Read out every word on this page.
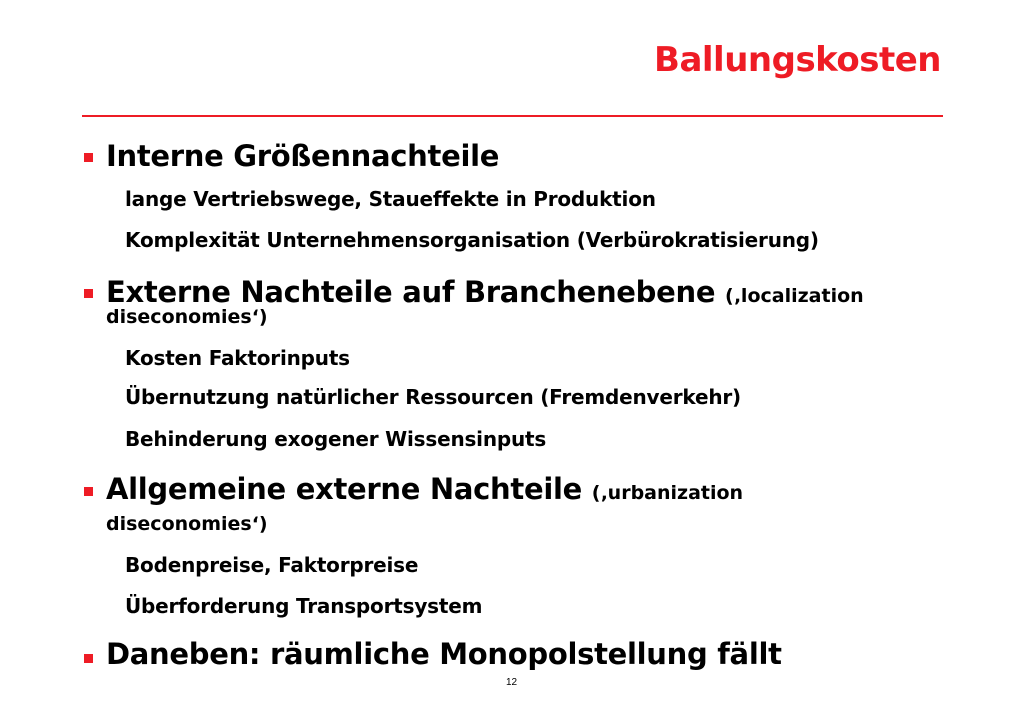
Ballungskosten
Interne Größennachteile
lange Vertriebswege, Staueffekte in Produktion
Komplexität Unternehmensorganisation (Verbürokratisierung)
Externe Nachteile auf Branchenebene (‚localization
diseconomies‘)
Kosten Faktorinputs
Übernutzung natürlicher Ressourcen (Fremdenverkehr)
Behinderung exogener Wissensinputs
Allgemeine externe Nachteile (‚urbanization
diseconomies‘)
Bodenpreise, Faktorpreise
Überforderung Transportsystem
Daneben: räumliche Monopolstellung fällt
12
